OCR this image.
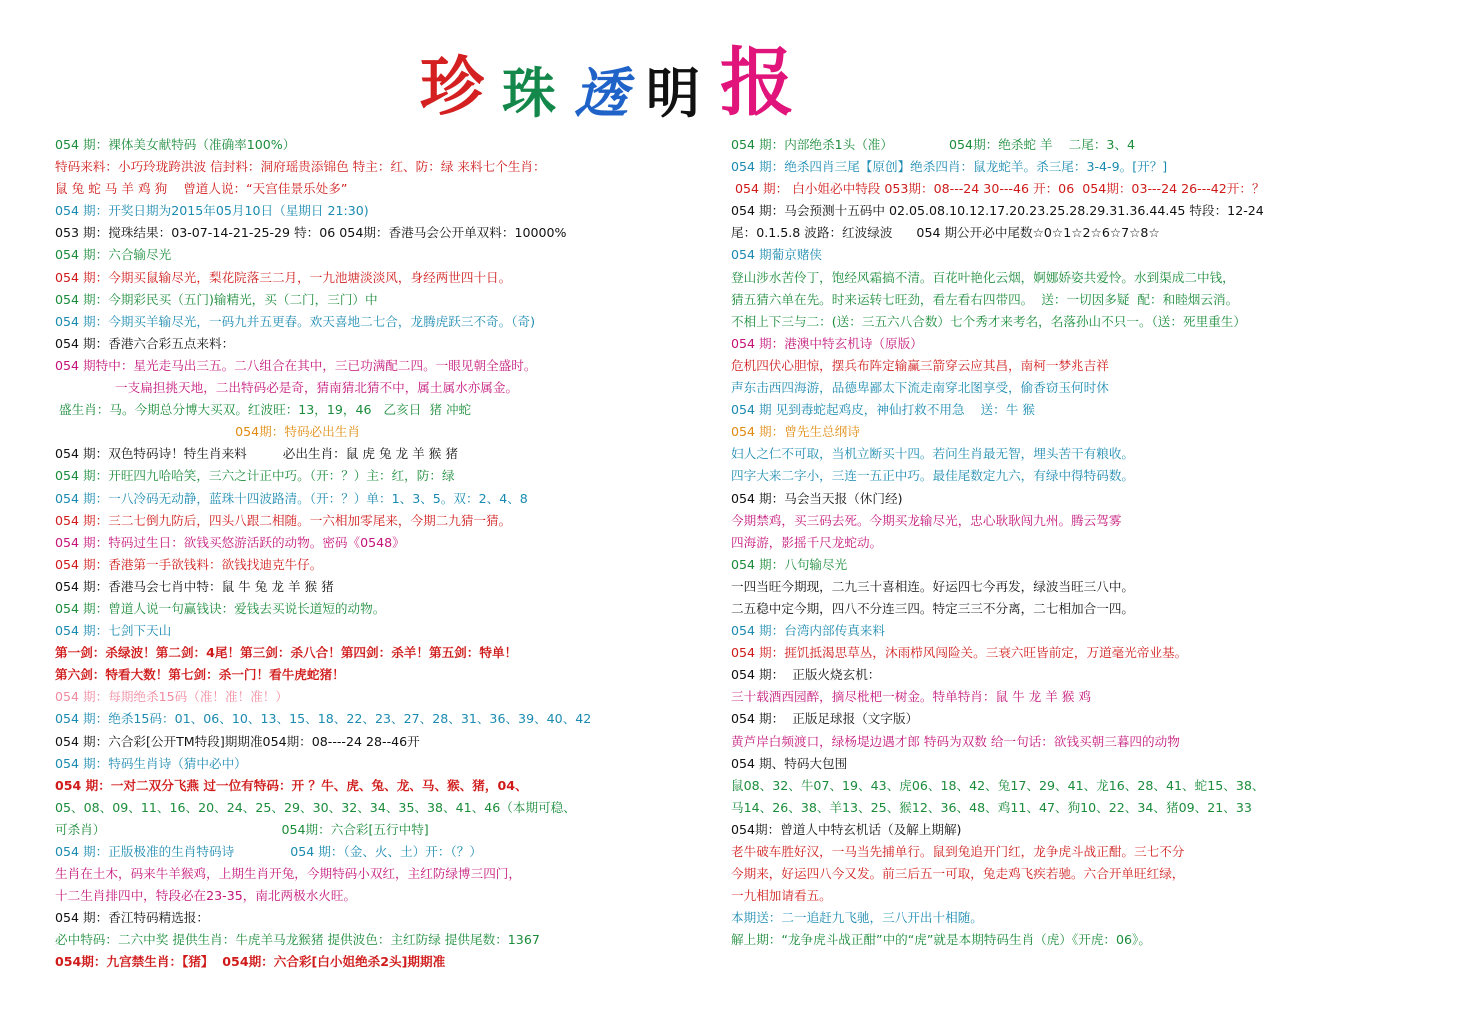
珍 珠 透 明 报
054 期：裸体美女献特码（准确率100%）
特码来料：小巧玲珑跨洪波 信封料：洞府瑶贵添锦色 特主：红、防：绿 来料七个生肖：
鼠 兔 蛇 马 羊 鸡 狗    曾道人说：“天宫佳景乐处多”
054 期：开奖日期为2015年05月10日（星期日 21:30)
053 期：搅珠结果：03-07-14-21-25-29 特：06 054期：香港马会公开单双料：10000%
054 期：六合输尽光
054 期：今期买鼠输尽光，梨花院落三二月，一九池塘淡淡风，身经两世四十日。
054 期：今期彩民买（五门)输精光，买（二门，三门）中
054 期：今期买羊输尽光，一码九并五更春。欢天喜地二七合，龙腾虎跃三不奇。（奇)
054 期：香港六合彩五点来料：
054 期特中：星光走马出三五。二八组合在其中，三已功满配二四。一眼见朝全盛时。
一支扁担挑天地，二出特码必是奇，猜南猜北猜不中，属土属水亦属金。
盛生肖：马。今期总分博大买双。红波旺：13，19，46   乙亥日  猪 冲蛇
054期：特码必出生肖
054 期：双色特码诗！特生肖来料         必出生肖：鼠 虎 兔 龙 羊 猴 猪
054 期：开旺四九哈哈笑，三六之计正中巧。（开：？）主：红，防：绿
054 期：一八冷码无动静，蓝珠十四波路清。（开：？）单：1、3、5。双：2、4、8
054 期：三二七倒九防后，四头八跟二相随。一六相加零尾来，今期二九猜一猜。
054 期：特码过生日：欲钱买悠游活跃的动物。密码《0548》
054 期：香港第一手欲钱料：欲钱找迪克牛仔。
054 期：香港马会七肖中特：鼠 牛 兔 龙 羊 猴 猪
054 期：曾道人说一句赢钱诀：爱钱去买说长道短的动物。
054 期：七剑下天山
第一剑：杀绿波！第二剑：4尾！第三剑：杀八合！第四剑：杀羊！第五剑：特单！
第六剑：特看大数！第七剑：杀一门！看牛虎蛇猪！
054 期：每期绝杀15码（准！准！准！）
054 期：绝杀15码：01、06、10、13、15、18、22、23、27、28、31、36、39、40、42
054 期：六合彩[公开TM特段]期期准054期：08----24 28--46开
054 期：特码生肖诗（猜中必中）
054 期：一对二双分飞燕 过一位有特码：开 ？牛、虎、兔、龙、马、猴、猪，04、
05、08、09、11、16、20、24、25、29、30、32、34、35、38、41、46（本期可稳、
可杀肖）                                            054期：六合彩[五行中特]
054 期：正版极准的生肖特码诗              054 期：（金、火、土）开：（？）
生肖在土木，码来牛羊猴鸡，上期生肖开兔，今期特码小双红，主红防绿博三四门，
十二生肖排四中，特段必在23-35，南北两极水火旺。
054 期：香江特码精选报：
必中特码：二六中奖 提供生肖：牛虎羊马龙猴猪 提供波色：主红防绿 提供尾数：1367
054期：九宫禁生肖：【猪】  054期：六合彩[白小姐绝杀2头]期期准
054 期：内部绝杀1头（准）              054期：绝杀蛇 羊    二尾：3、4
054 期：绝杀四肖三尾【原创】绝杀四肖：鼠龙蛇羊。杀三尾：3-4-9。[开？]
054 期： 白小姐必中特段 053期：08---24 30---46 开：06  054期：03---24 26---42开：？
054 期：马会预测十五码中 02.05.08.10.12.17.20.23.25.28.29.31.36.44.45 特段：12-24
尾：0.1.5.8 波路：红波绿波      054 期公开必中尾数☆0☆1☆2☆6☆7☆8☆
054 期葡京赌侠
登山涉水苦伶丁，饱经风霜搞不清。百花叶艳化云烟，婀娜娇姿共爱怜。水到渠成二中钱，
猜五猜六单在先。时来运转七旺劲，看左看右四带四。  送：一切因多疑  配：和睦烟云消。
不相上下三与二：(送：三五六八合数）七个秀才来考名，名落孙山不只一。（送：死里重生）
054 期：港澳中特玄机诗（原版）
危机四伏心胆惊，摆兵布阵定输赢三箭穿云应其昌，南柯一梦兆吉祥
声东击西四海游，品德卑鄙太下流走南穿北图享受，偷香窃玉何时休
054 期 见到毒蛇起鸡皮，神仙打救不用急    送：牛 猴
054 期：曾先生总纲诗
妇人之仁不可取，当机立断买十四。若问生肖最无智，埋头苦干有粮收。
四字大来二字小，三连一五正中巧。最佳尾数定九六，有绿中得特码数。
054 期：马会当天报（休门经)
今期禁鸡，买三码去死。今期买龙输尽光，忠心耿耿闯九州。腾云驾雾
四海游，影摇千尺龙蛇动。
054 期：八句输尽光
一四当旺今期现，二九三十喜相连。好运四七今再发，绿波当旺三八中。
二五稳中定今期，四八不分连三四。特定三三不分离，二七相加合一四。
054 期：台湾内部传真来料
054 期：捱饥抵渴思草丛，沐雨栉风闯险关。三衰六旺皆前定，万道毫光帝业基。
054 期：  正版火烧玄机：
三十载酒西园醉，摘尽枇杷一树金。特单特肖：鼠 牛 龙 羊 猴 鸡
054 期：  正版足球报（文字版）
黄芦岸白频渡口，绿杨堤边遇才郎 特码为双数 给一句话：欲钱买朝三暮四的动物
054 期、特码大包围
鼠08、32、牛07、19、43、虎06、18、42、兔17、29、41、龙16、28、41、蛇15、38、
马14、26、38、羊13、25、猴12、36、48、鸡11、47、狗10、22、34、猪09、21、33
054期：曾道人中特玄机话（及解上期解)
老牛破车胜好汉，一马当先捕单行。鼠到兔追开门红，龙争虎斗战正酣。三七不分
今期来，好运四八今又发。前三后五一可取，兔走鸡飞疾若驰。六合开单旺红绿，
一九相加请看五。
本期送：二一追赶九飞驰，三八开出十相随。
解上期：“龙争虎斗战正酣”中的“虎”就是本期特码生肖（虎）《开虎：06》。
